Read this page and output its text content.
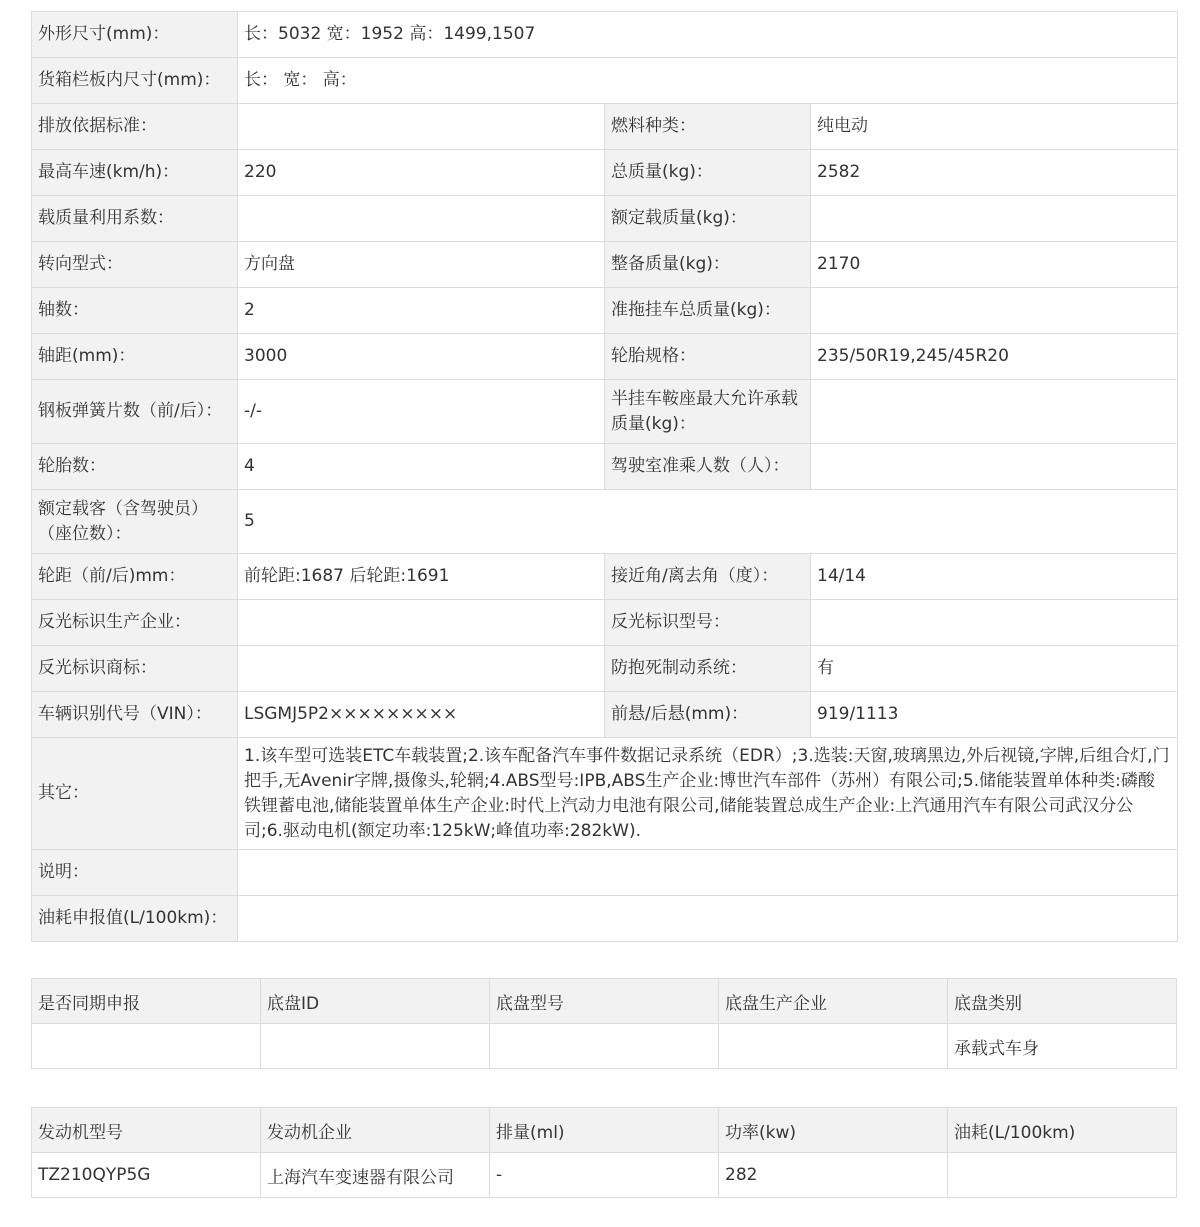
外形尺寸(mm)：	长：5032 宽：1952 高：1499,1507		
货箱栏板内尺寸(mm)：	长： 宽： 高：		
排放依据标准：		燃料种类：	纯电动
最高车速(km/h)：	220	总质量(kg)：	2582
载质量利用系数：		额定载质量(kg)：	
转向型式：	方向盘	整备质量(kg)：	2170
轴数：	2	准拖挂车总质量(kg)：	
轴距(mm)：	3000	轮胎规格：	235/50R19,245/45R20
钢板弹簧片数（前/后）：	-/-	半挂车鞍座最大允许承载质量(kg)：	
轮胎数：	4	驾驶室准乘人数（人）：	
额定载客（含驾驶员）（座位数）：	5		
轮距（前/后)mm：	前轮距:1687 后轮距:1691	接近角/离去角（度）：	14/14
反光标识生产企业：		反光标识型号：	
反光标识商标：		防抱死制动系统：	有
车辆识别代号（VIN）：	LSGMJ5P2×××××××××	前悬/后悬(mm)：	919/1113
其它：	1.该车型可选装ETC车载装置;2.该车配备汽车事件数据记录系统（EDR）;3.选装:天窗,玻璃黑边,外后视镜,字牌,后组合灯,门把手,无Avenir字牌,摄像头,轮辋;4.ABS型号:IPB,ABS生产企业:博世汽车部件（苏州）有限公司;5.储能装置单体种类:磷酸铁锂蓄电池,储能装置单体生产企业:时代上汽动力电池有限公司,储能装置总成生产企业:上汽通用汽车有限公司武汉分公司;6.驱动电机(额定功率:125kW;峰值功率:282kW).		
说明：			
油耗申报值(L/100km)：			
是否同期申报	底盘ID	底盘型号	底盘生产企业	底盘类别
				承载式车身
发动机型号	发动机企业	排量(ml)	功率(kw)	油耗(L/100km)
TZ210QYP5G	上海汽车变速器有限公司	-	282	
